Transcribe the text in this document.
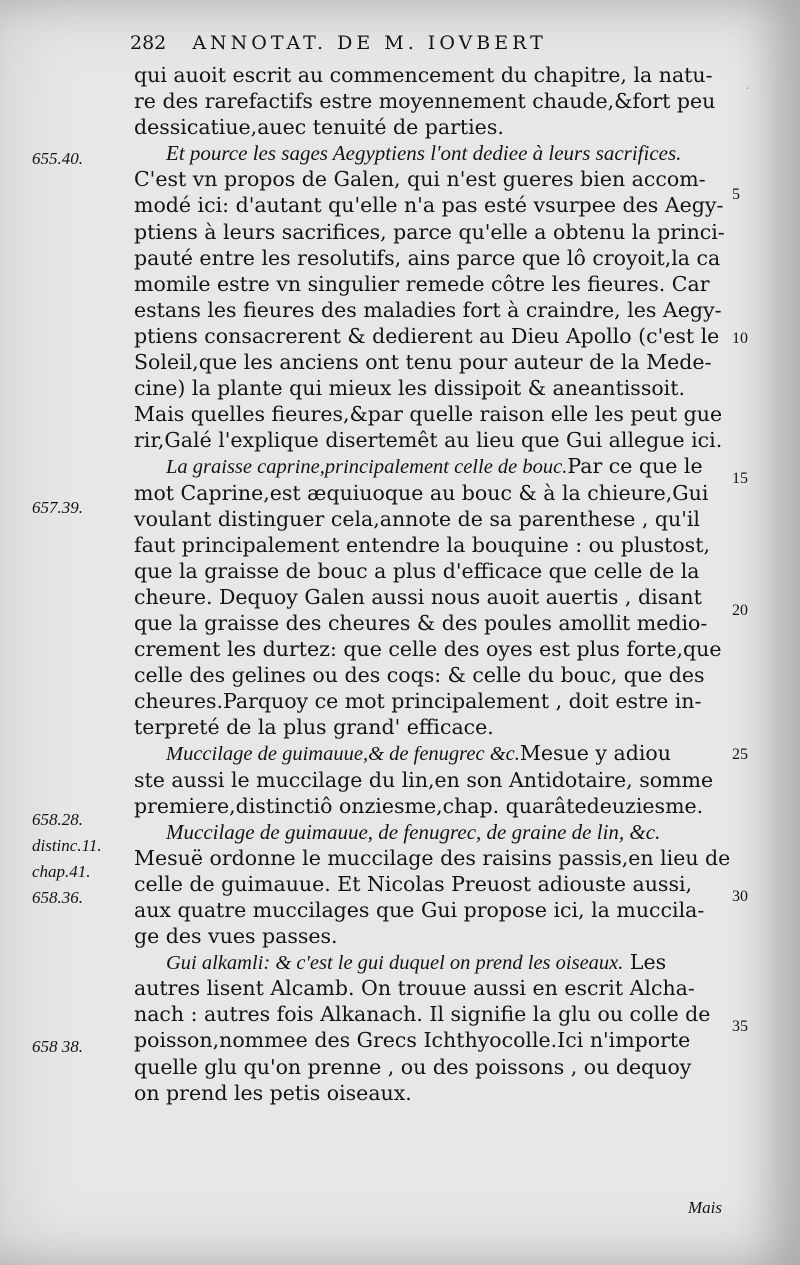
282 ANNOTAT. DE M. IOVBERT
·
655.40.
657.39.
658.28.
distinc.11.
chap.41.
658.36.
658 38.
5
10
15
20
25
30
35
qui auoit escrit au commencement du chapitre, la natu-
re des rarefactifs estre moyennement chaude,&fort peu
dessicatiue,auec tenuité de parties.
Et pource les sages Aegyptiens l'ont dediee à leurs sacrifices.
C'est vn propos de Galen, qui n'est gueres bien accom-
modé ici: d'autant qu'elle n'a pas esté vsurpee des Aegy-
ptiens à leurs sacrifices, parce qu'elle a obtenu la princi-
pauté entre les resolutifs, ains parce que lô croyoit,la ca
momile estre vn singulier remede côtre les fieures. Car
estans les fieures des maladies fort à craindre, les Aegy-
ptiens consacrerent & dedierent au Dieu Apollo (c'est le
Soleil,que les anciens ont tenu pour auteur de la Mede-
cine) la plante qui mieux les dissipoit & aneantissoit.
Mais quelles fieures,&par quelle raison elle les peut gue
rir,Galé l'explique disertemêt au lieu que Gui allegue ici.
La graisse caprine,principalement celle de bouc.Par ce que le
mot Caprine,est æquiuoque au bouc & à la chieure,Gui
voulant distinguer cela,annote de sa parenthese , qu'il
faut principalement entendre la bouquine : ou plustost,
que la graisse de bouc a plus d'efficace que celle de la
cheure. Dequoy Galen aussi nous auoit auertis , disant
que la graisse des cheures & des poules amollit medio-
crement les durtez: que celle des oyes est plus forte,que
celle des gelines ou des coqs: & celle du bouc, que des
cheures.Parquoy ce mot principalement , doit estre in-
terpreté de la plus grand' efficace.
Muccilage de guimauue,& de fenugrec &c.Mesue y adiou
ste aussi le muccilage du lin,en son Antidotaire, somme
premiere,distinctiô onziesme,chap. quarâtedeuziesme.
Muccilage de guimauue, de fenugrec, de graine de lin, &c.
Mesuë ordonne le muccilage des raisins passis,en lieu de
celle de guimauue. Et Nicolas Preuost adiouste aussi,
aux quatre muccilages que Gui propose ici, la muccila-
ge des vues passes.
Gui alkamli: & c'est le gui duquel on prend les oiseaux. Les
autres lisent Alcamb. On trouue aussi en escrit Alcha-
nach : autres fois Alkanach. Il signifie la glu ou colle de
poisson,nommee des Grecs Ichthyocolle.Ici n'importe
quelle glu qu'on prenne , ou des poissons , ou dequoy
on prend les petis oiseaux.
Mais
